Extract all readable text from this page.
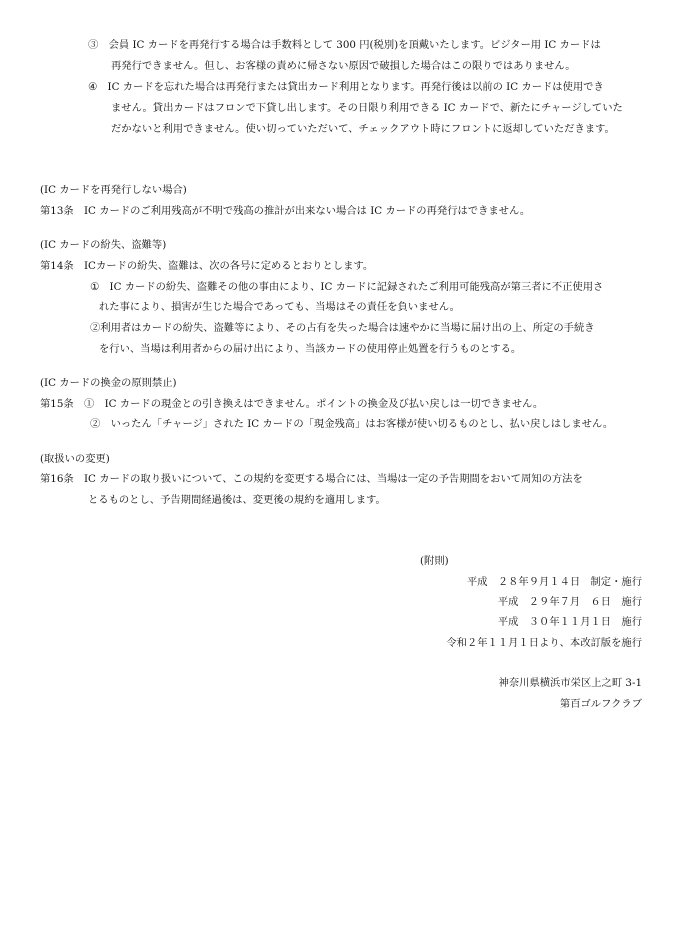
③　会員 IC カードを再発行する場合は手数料として 300 円(税別)を頂戴いたします。ビジター用 IC カードは
再発行できません。但し、お客様の責めに帰さない原因で破損した場合はこの限りではありません。
④　IC カードを忘れた場合は再発行または貸出カード利用となります。再発行後は以前の IC カードは使用でき
ません。貸出カードはフロンで下貸し出します。その日限り利用できる IC カードで、新たにチャージしていた
だかないと利用できません。使い切っていただいて、チェックアウト時にフロントに返却していただきます。
(IC カードを再発行しない場合)
第13条　IC カードのご利用残高が不明で残高の推計が出来ない場合は IC カードの再発行はできません。
(IC カードの紛失、盗難等)
第14条　ICカードの紛失、盗難は、次の各号に定めるとおりとします。
①　IC カードの紛失、盗難その他の事由により、IC カードに記録されたご利用可能残高が第三者に不正使用さ
れた事により、損害が生じた場合であっても、当場はその責任を負いません。
②利用者はカードの紛失、盗難等により、その占有を失った場合は速やかに当場に届け出の上、所定の手続き
を行い、当場は利用者からの届け出により、当該カードの使用停止処置を行うものとする。
(IC カードの換金の原則禁止)
第15条　①　IC カードの現金との引き換えはできません。ポイントの換金及び払い戻しは一切できません。
②　いったん「チャージ」された IC カードの「現金残高」はお客様が使い切るものとし、払い戻しはしません。
(取扱いの変更)
第16条　IC カードの取り扱いについて、この規約を変更する場合には、当場は一定の予告期間をおいて周知の方法を
とるものとし、予告期間経過後は、変更後の規約を適用します。
(附則)
平成　２８年９月１４日　制定・施行
平成　２９年７月　６日　施行
平成　３０年１１月１日　施行
令和２年１１月１日より、本改訂版を施行
神奈川県横浜市栄区上之町 3-1
第百ゴルフクラブ
